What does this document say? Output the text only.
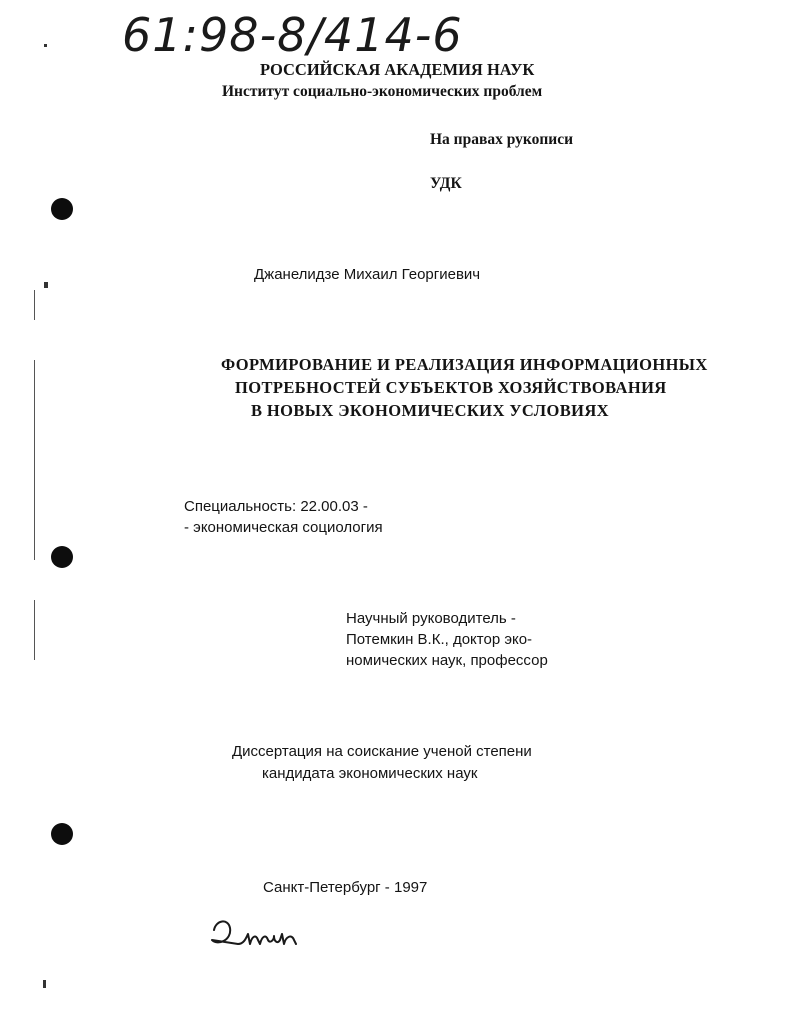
61:98-8/414-6
РОССИЙСКАЯ АКАДЕМИЯ НАУК
Институт социально-экономических проблем
На правах рукописи
УДК
Джанелидзе Михаил Георгиевич
ФОРМИРОВАНИЕ И РЕАЛИЗАЦИЯ ИНФОРМАЦИОННЫХ
ПОТРЕБНОСТЕЙ СУБЪЕКТОВ ХОЗЯЙСТВОВАНИЯ
В НОВЫХ ЭКОНОМИЧЕСКИХ УСЛОВИЯХ
Специальность: 22.00.03 -
- экономическая социология
Научный руководитель -
Потемкин В.К., доктор эко-
номических наук, профессор
Диссертация на соискание ученой степени
кандидата экономических наук
Санкт-Петербург - 1997
